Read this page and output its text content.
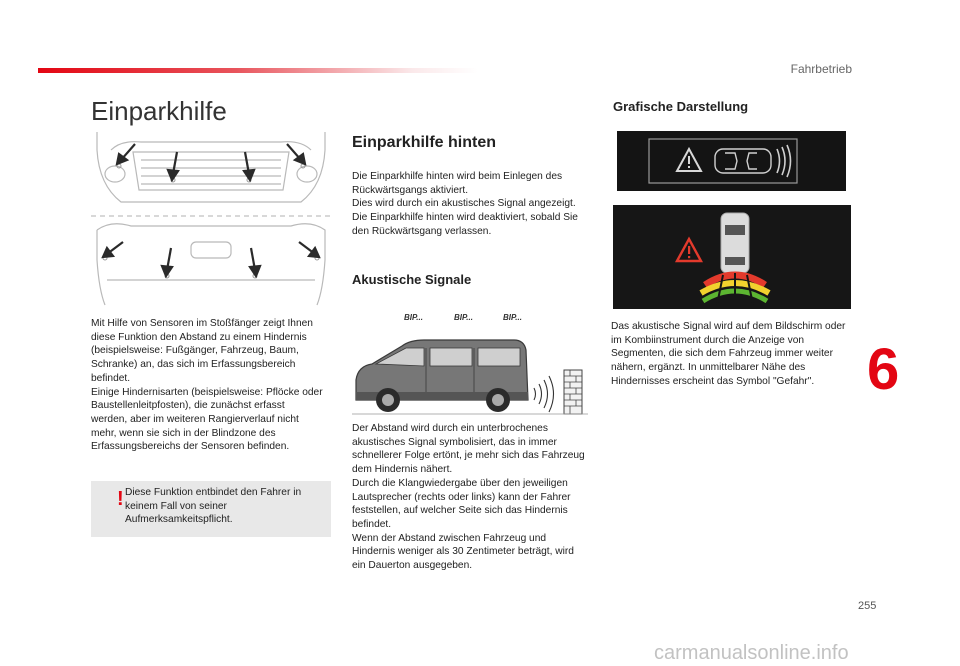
Fahrbetrieb
Einparkhilfe

Mit Hilfe von Sensoren im Stoßfänger zeigt Ihnen diese Funktion den Abstand zu einem Hindernis (beispielsweise: Fußgänger, Fahrzeug, Baum, Schranke) an, das sich im Erfassungsbereich befindet.

Einige Hindernisarten (beispielsweise: Pflöcke oder Baustellenleitpfosten), die zunächst erfasst werden, aber im weiteren Rangierverlauf nicht mehr, wenn sie sich in der Blindzone des Erfassungsbereichs der Sensoren befinden.

! Diese Funktion entbindet den Fahrer in keinem Fall von seiner Aufmerksamkeitspflicht.
Einparkhilfe hinten

Die Einparkhilfe hinten wird beim Einlegen des Rückwärtsgangs aktiviert.

Dies wird durch ein akustisches Signal angezeigt.

Die Einparkhilfe hinten wird deaktiviert, sobald Sie den Rückwärtsgang verlassen.

Akustische Signale
BIP...	BIP...	BIP...

Der Abstand wird durch ein unterbrochenes akustisches Signal symbolisiert, das in immer schnellerer Folge ertönt, je mehr sich das Fahrzeug dem Hindernis nähert.

Durch die Klangwiedergabe über den jeweiligen Lautsprecher (rechts oder links) kann der Fahrer feststellen, auf welcher Seite sich das Hindernis befindet.

Wenn der Abstand zwischen Fahrzeug und Hindernis weniger als 30 Zentimeter beträgt, wird ein Dauerton ausgegeben.

Grafische Darstellung
Das akustische Signal wird auf dem Bildschirm oder im Kombiinstrument durch die Anzeige von Segmenten, die sich dem Fahrzeug immer weiter nähern, ergänzt. In unmittelbarer Nähe des Hindernisses erscheint das Symbol "Gefahr". 6
255
carmanualsonline.info
